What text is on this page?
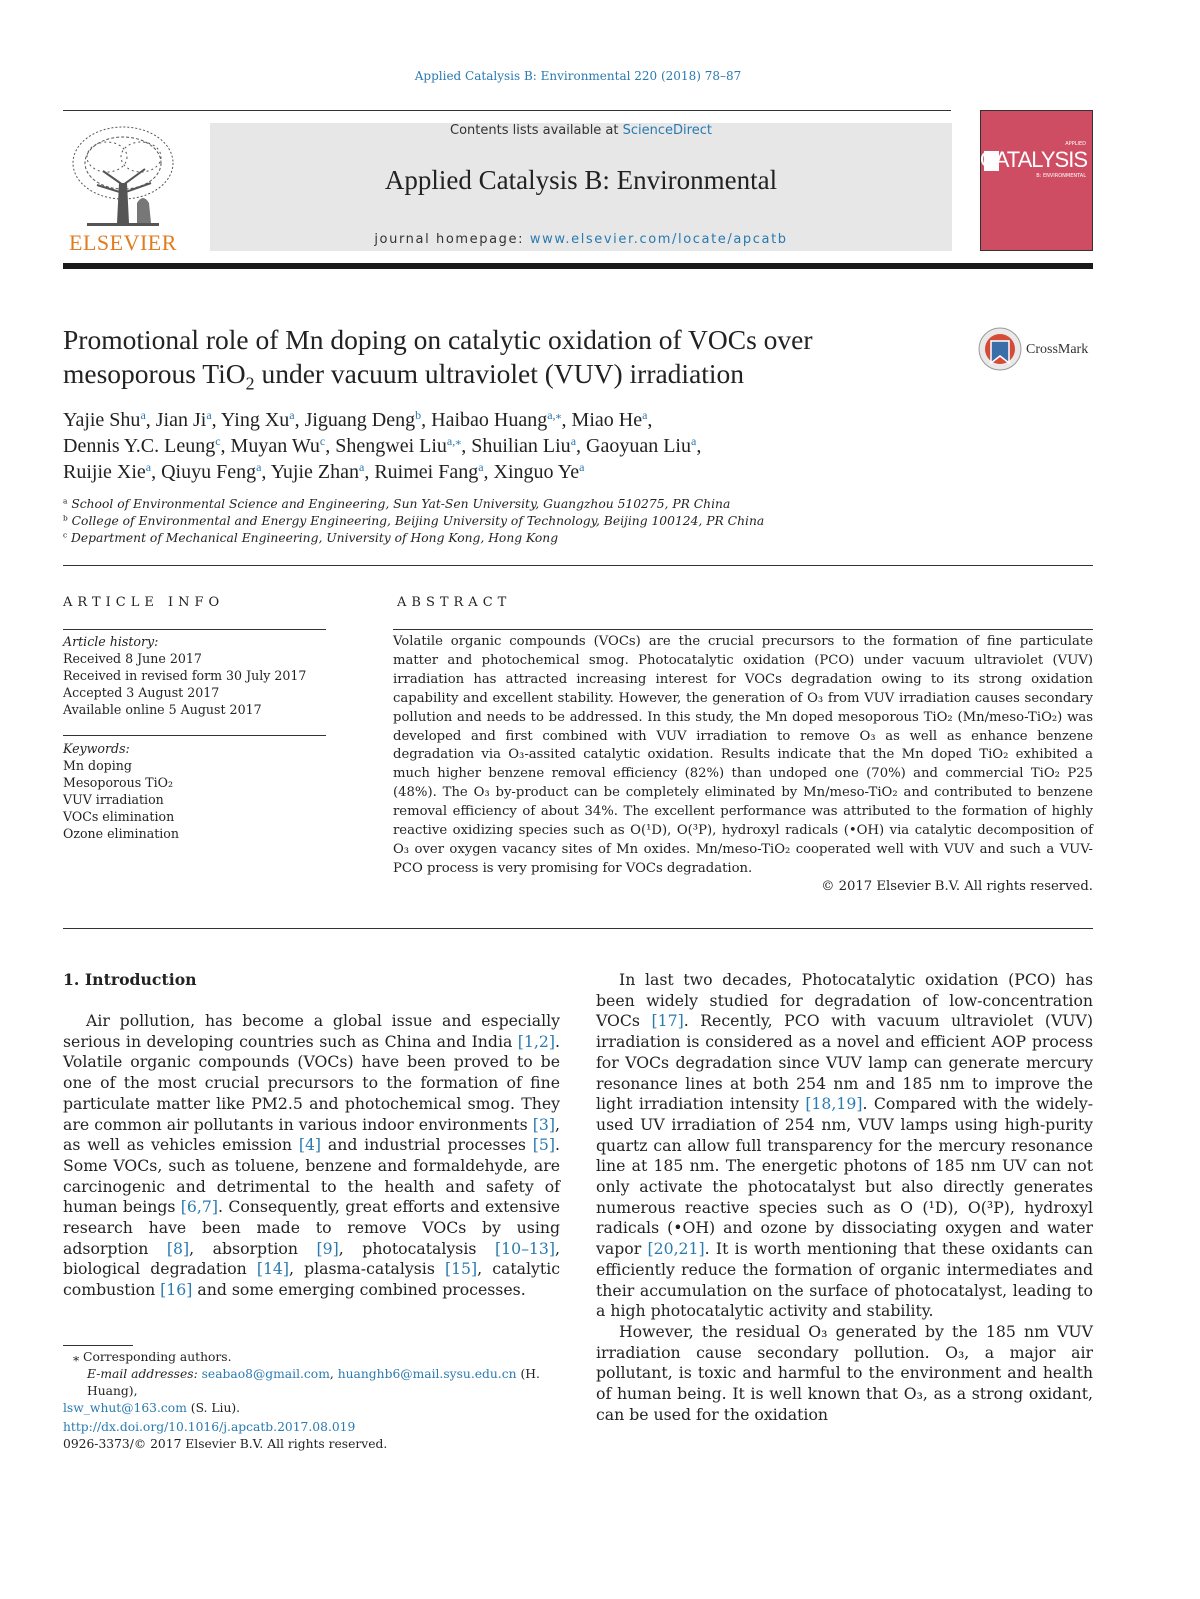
Applied Catalysis B: Environmental 220 (2018) 78–87
ELSEVIER
Contents lists available at ScienceDirect
Applied Catalysis B: Environmental
journal homepage: www.elsevier.com/locate/apcatb
APPLIED
CATALYSIS
B: ENVIRONMENTAL
Promotional role of Mn doping on catalytic oxidation of VOCs over mesoporous TiO$_2$ under vacuum ultraviolet (VUV) irradiation
CrossMark
Yajie Shu$^a$, Jian Ji$^a$, Ying Xu$^a$, Jiguang Deng$^b$, Haibao Huang$^{a,⁎}$, Miao He$^a$,
Dennis Y.C. Leung$^c$, Muyan Wu$^c$, Shengwei Liu$^{a,⁎}$, Shuilian Liu$^a$, Gaoyuan Liu$^a$,
Ruijie Xie$^a$, Qiuyu Feng$^a$, Yujie Zhan$^a$, Ruimei Fang$^a$, Xinguo Ye$^a$
$^a$ School of Environmental Science and Engineering, Sun Yat-Sen University, Guangzhou 510275, PR China
$^b$ College of Environmental and Energy Engineering, Beijing University of Technology, Beijing 100124, PR China
$^c$ Department of Mechanical Engineering, University of Hong Kong, Hong Kong
ARTICLE INFO	ABSTRACT
Article history:
Received 8 June 2017
Received in revised form 30 July 2017
Accepted 3 August 2017
Available online 5 August 2017
Keywords:
Mn doping
Mesoporous TiO₂
VUV irradiation
VOCs elimination
Ozone elimination
Volatile organic compounds (VOCs) are the crucial precursors to the formation of fine particulate matter and photochemical smog. Photocatalytic oxidation (PCO) under vacuum ultraviolet (VUV) irradiation has attracted increasing interest for VOCs degradation owing to its strong oxidation capability and excellent stability. However, the generation of O₃ from VUV irradiation causes secondary pollution and needs to be addressed. In this study, the Mn doped mesoporous TiO₂ (Mn/meso-TiO₂) was developed and first combined with VUV irradiation to remove O₃ as well as enhance benzene degradation via O₃-assited catalytic oxidation. Results indicate that the Mn doped TiO₂ exhibited a much higher benzene removal efficiency (82%) than undoped one (70%) and commercial TiO₂ P25 (48%). The O₃ by-product can be completely eliminated by Mn/meso-TiO₂ and contributed to benzene removal efficiency of about 34%. The excellent performance was attributed to the formation of highly reactive oxidizing species such as O(¹D), O(³P), hydroxyl radicals (•OH) via catalytic decomposition of O₃ over oxygen vacancy sites of Mn oxides. Mn/meso-TiO₂ cooperated well with VUV and such a VUV-PCO process is very promising for VOCs degradation.
© 2017 Elsevier B.V. All rights reserved.
1. Introduction

Air pollution, has become a global issue and especially serious in developing countries such as China and India [1,2]. Volatile organic compounds (VOCs) have been proved to be one of the most crucial precursors to the formation of fine particulate matter like PM2.5 and photochemical smog. They are common air pollutants in various indoor environments [3], as well as vehicles emission [4] and industrial processes [5]. Some VOCs, such as toluene, benzene and formaldehyde, are carcinogenic and detrimental to the health and safety of human beings [6,7]. Consequently, great efforts and extensive research have been made to remove VOCs by using adsorption [8], absorption [9], photocatalysis [10–13], biological degradation [14], plasma-catalysis [15], catalytic combustion [16] and some emerging combined processes.

In last two decades, Photocatalytic oxidation (PCO) has been widely studied for degradation of low-concentration VOCs [17]. Recently, PCO with vacuum ultraviolet (VUV) irradiation is considered as a novel and efficient AOP process for VOCs degradation since VUV lamp can generate mercury resonance lines at both 254 nm and 185 nm to improve the light irradiation intensity [18,19]. Compared with the widely-used UV irradiation of 254 nm, VUV lamps using high-purity quartz can allow full transparency for the mercury resonance line at 185 nm. The energetic photons of 185 nm UV can not only activate the photocatalyst but also directly generates numerous reactive species such as O (¹D), O(³P), hydroxyl radicals (•OH) and ozone by dissociating oxygen and water vapor [20,21]. It is worth mentioning that these oxidants can efficiently reduce the formation of organic intermediates and their accumulation on the surface of photocatalyst, leading to a high photocatalytic activity and stability.

However, the residual O₃ generated by the 185 nm VUV irradiation cause secondary pollution. O₃, a major air pollutant, is toxic and harmful to the environment and health of human being. It is well known that O₃, as a strong oxidant, can be used for the oxidation

⁎ Corresponding authors.
E-mail addresses: seabao8@gmail.com, huanghb6@mail.sysu.edu.cn (H. Huang),
lsw_whut@163.com (S. Liu).
http://dx.doi.org/10.1016/j.apcatb.2017.08.019
0926-3373/© 2017 Elsevier B.V. All rights reserved.
